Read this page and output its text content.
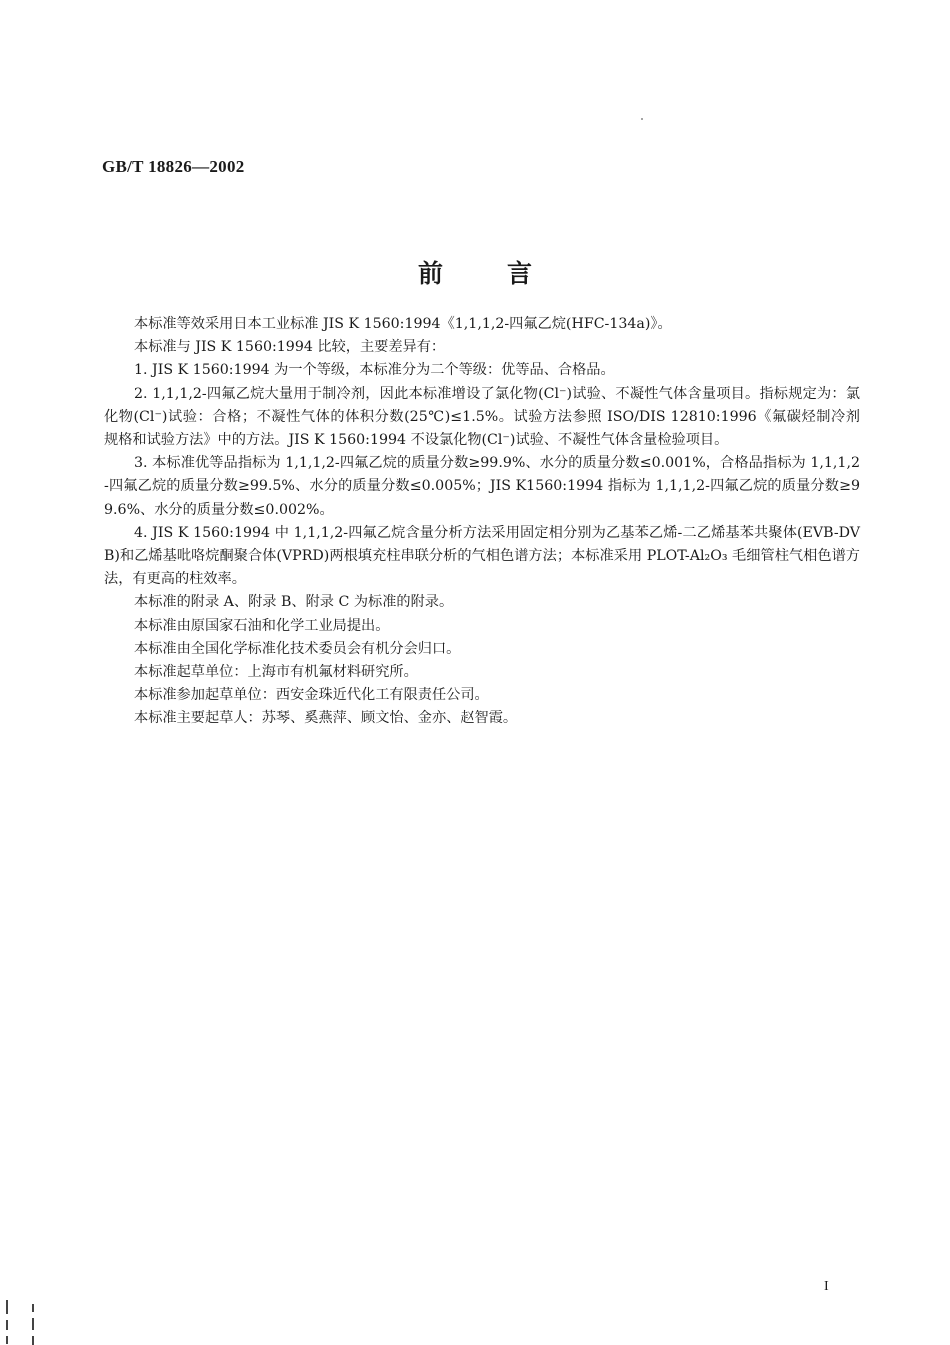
GB/T 18826—2002
前	言

本标准等效采用日本工业标准 JIS K 1560:1994《1,1,1,2-四氟乙烷(HFC-134a)》。

本标准与 JIS K 1560:1994 比较，主要差异有：

1. JIS K 1560:1994 为一个等级，本标准分为二个等级：优等品、合格品。

2. 1,1,1,2-四氟乙烷大量用于制冷剂，因此本标准增设了氯化物(Cl⁻)试验、不凝性气体含量项目。指标规定为：氯化物(Cl⁻)试验：合格；不凝性气体的体积分数(25℃)≤1.5%。试验方法参照 ISO/DIS 12810:1996《氟碳烃制冷剂　规格和试验方法》中的方法。JIS K 1560:1994 不设氯化物(Cl⁻)试验、不凝性气体含量检验项目。

3. 本标准优等品指标为 1,1,1,2-四氟乙烷的质量分数≥99.9%、水分的质量分数≤0.001%，合格品指标为 1,1,1,2-四氟乙烷的质量分数≥99.5%、水分的质量分数≤0.005%；JIS K1560:1994 指标为 1,1,1,2-四氟乙烷的质量分数≥99.6%、水分的质量分数≤0.002%。

4. JIS K 1560:1994 中 1,1,1,2-四氟乙烷含量分析方法采用固定相分别为乙基苯乙烯-二乙烯基苯共聚体(EVB-DVB)和乙烯基吡咯烷酮聚合体(VPRD)两根填充柱串联分析的气相色谱方法；本标准采用 PLOT-Al₂O₃ 毛细管柱气相色谱方法，有更高的柱效率。

本标准的附录 A、附录 B、附录 C 为标准的附录。

本标准由原国家石油和化学工业局提出。

本标准由全国化学标准化技术委员会有机分会归口。

本标准起草单位：上海市有机氟材料研究所。

本标准参加起草单位：西安金珠近代化工有限责任公司。

本标准主要起草人：苏琴、奚燕萍、顾文怡、金亦、赵智霞。

I
